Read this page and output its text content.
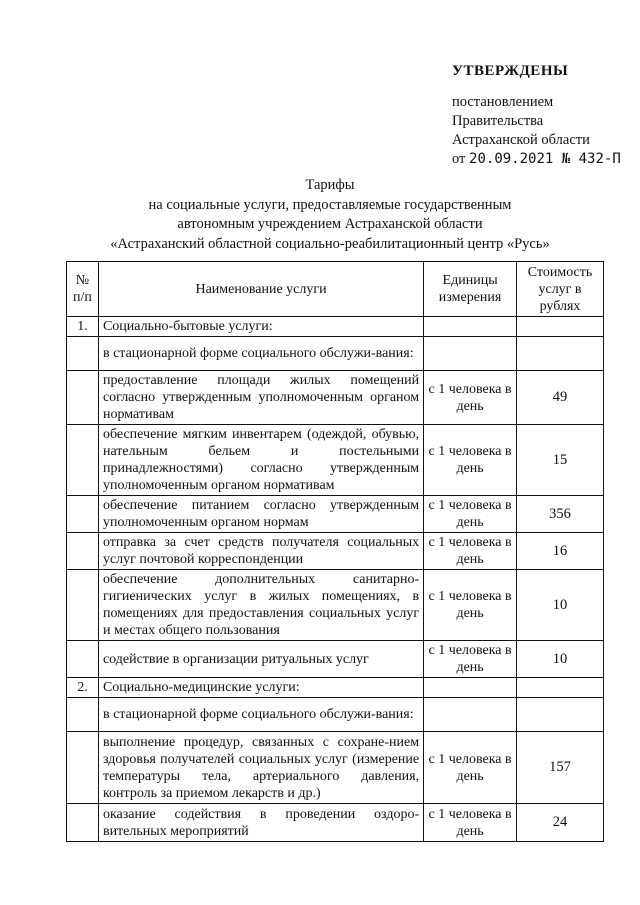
УТВЕРЖДЕНЫ
постановлением
Правительства
Астраханской области
от 20.09.2021 № 432-П
Тарифы
на социальные услуги, предоставляемые государственным
автономным учреждением Астраханской области
«Астраханский областной социально-реабилитационный центр «Русь»
№ п/п	Наименование услуги	Единицы измерения	Стоимость услуг в рублях
1.	Социально-бытовые услуги:		
	в стационарной форме социального обслужи-вания:		
	предоставление площади жилых помещений согласно утвержденным уполномоченным органом нормативам	с 1 человека в день	49
	обеспечение мягким инвентарем (одеждой, обувью, нательным бельем и постельными принадлежностями) согласно утвержденным уполномоченным органом нормативам	с 1 человека в день	15
	обеспечение питанием согласно утвержденным уполномоченным органом нормам	с 1 человека в день	356
	отправка за счет средств получателя социальных услуг почтовой корреспонденции	с 1 человека в день	16
	обеспечение дополнительных санитарно-гигиенических услуг в жилых помещениях, в помещениях для предоставления социальных услуг и местах общего пользования	с 1 человека в день	10
	содействие в организации ритуальных услуг	с 1 человека в день	10
2.	Социально-медицинские услуги:		
	в стационарной форме социального обслужи-вания:		
	выполнение процедур, связанных с сохране-нием здоровья получателей социальных услуг (измерение температуры тела, артериального давления, контроль за приемом лекарств и др.)	с 1 человека в день	157
	оказание содействия в проведении оздоро-вительных мероприятий	с 1 человека в день	24
